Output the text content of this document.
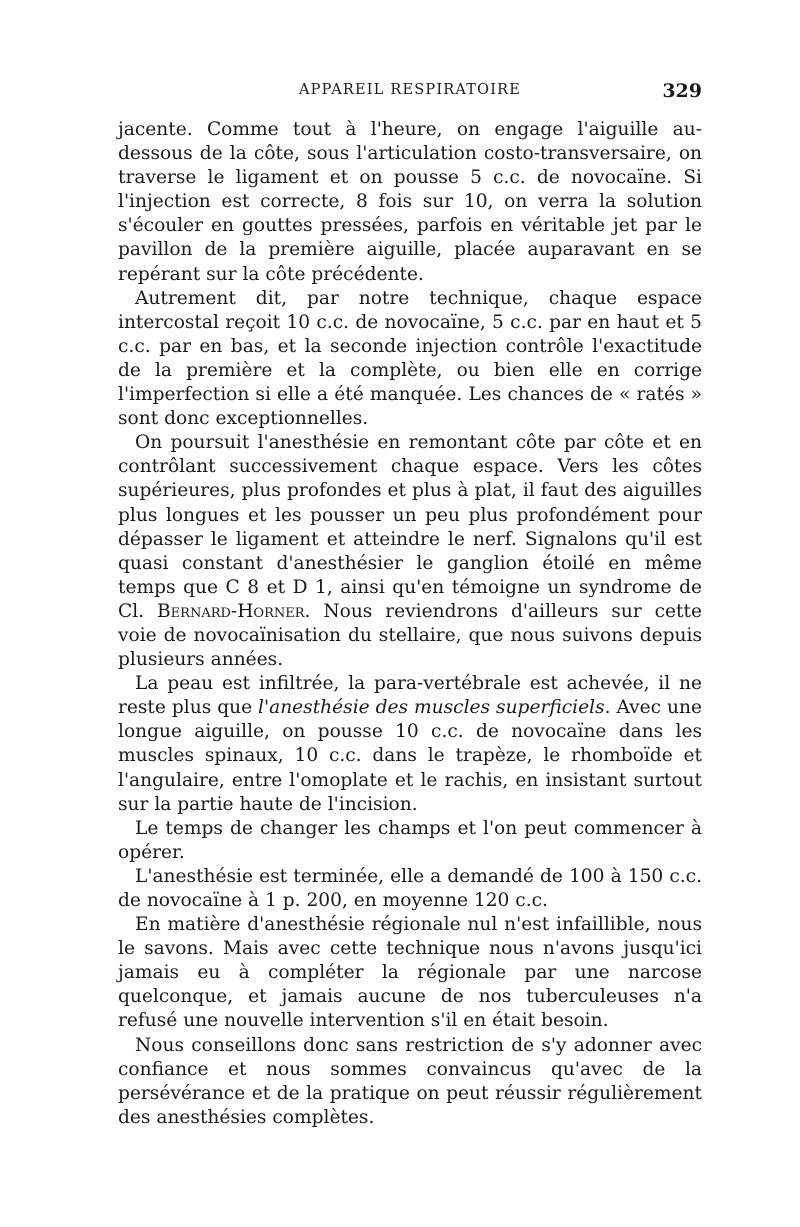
APPAREIL RESPIRATOIRE	329

jacente. Comme tout à l'heure, on engage l'aiguille au-dessous de la côte, sous l'articulation costo-transversaire, on traverse le ligament et on pousse 5 c.c. de novocaïne. Si l'injection est correcte, 8 fois sur 10, on verra la solution s'écouler en gouttes pressées, parfois en véritable jet par le pavillon de la première aiguille, placée auparavant en se repérant sur la côte précédente.

Autrement dit, par notre technique, chaque espace intercostal reçoit 10 c.c. de novocaïne, 5 c.c. par en haut et 5 c.c. par en bas, et la seconde injection contrôle l'exactitude de la première et la complète, ou bien elle en corrige l'imperfection si elle a été manquée. Les chances de « ratés » sont donc exceptionnelles.

On poursuit l'anesthésie en remontant côte par côte et en contrôlant successivement chaque espace. Vers les côtes supérieures, plus profondes et plus à plat, il faut des aiguilles plus longues et les pousser un peu plus profondément pour dépasser le ligament et atteindre le nerf. Signalons qu'il est quasi constant d'anesthésier le ganglion étoilé en même temps que C 8 et D 1, ainsi qu'en témoigne un syndrome de Cl. Bernard-Horner. Nous reviendrons d'ailleurs sur cette voie de novocaïnisation du stellaire, que nous suivons depuis plusieurs années.

La peau est infiltrée, la para-vertébrale est achevée, il ne reste plus que l'anesthésie des muscles superficiels. Avec une longue aiguille, on pousse 10 c.c. de novocaïne dans les muscles spinaux, 10 c.c. dans le trapèze, le rhomboïde et l'angulaire, entre l'omoplate et le rachis, en insistant surtout sur la partie haute de l'incision.

Le temps de changer les champs et l'on peut commencer à opérer.

L'anesthésie est terminée, elle a demandé de 100 à 150 c.c. de novocaïne à 1 p. 200, en moyenne 120 c.c.

En matière d'anesthésie régionale nul n'est infaillible, nous le savons. Mais avec cette technique nous n'avons jusqu'ici jamais eu à compléter la régionale par une narcose quelconque, et jamais aucune de nos tuberculeuses n'a refusé une nouvelle intervention s'il en était besoin.

Nous conseillons donc sans restriction de s'y adonner avec confiance et nous sommes convaincus qu'avec de la persévérance et de la pratique on peut réussir régulièrement des anesthésies complètes.
